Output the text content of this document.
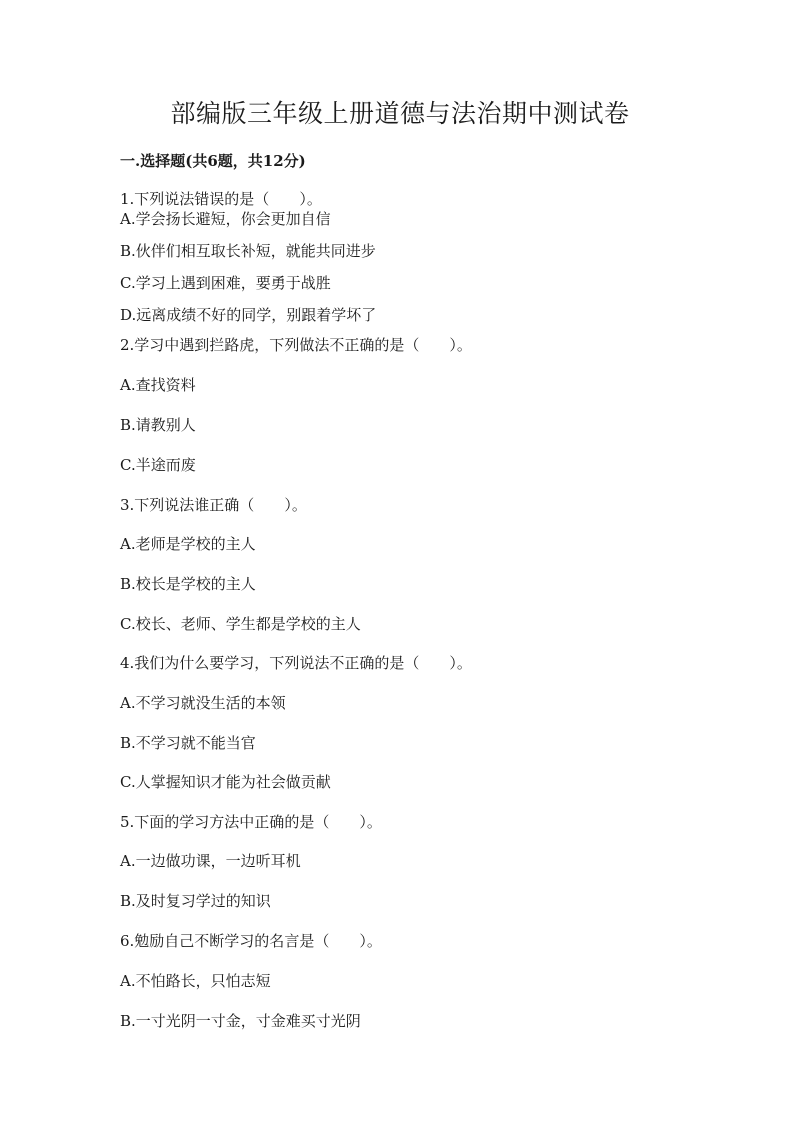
部编版三年级上册道德与法治期中测试卷
一.选择题(共6题，共12分)
1.下列说法错误的是（　　）。
A.学会扬长避短，你会更加自信
B.伙伴们相互取长补短，就能共同进步
C.学习上遇到困难，要勇于战胜
D.远离成绩不好的同学，别跟着学坏了
2.学习中遇到拦路虎，下列做法不正确的是（　　）。
A.查找资料
B.请教别人
C.半途而废
3.下列说法谁正确（　　）。
A.老师是学校的主人
B.校长是学校的主人
C.校长、老师、学生都是学校的主人
4.我们为什么要学习，下列说法不正确的是（　　）。
A.不学习就没生活的本领
B.不学习就不能当官
C.人掌握知识才能为社会做贡献
5.下面的学习方法中正确的是（　　）。
A.一边做功课，一边听耳机
B.及时复习学过的知识
6.勉励自己不断学习的名言是（　　）。
A.不怕路长，只怕志短
B.一寸光阴一寸金，寸金难买寸光阴
